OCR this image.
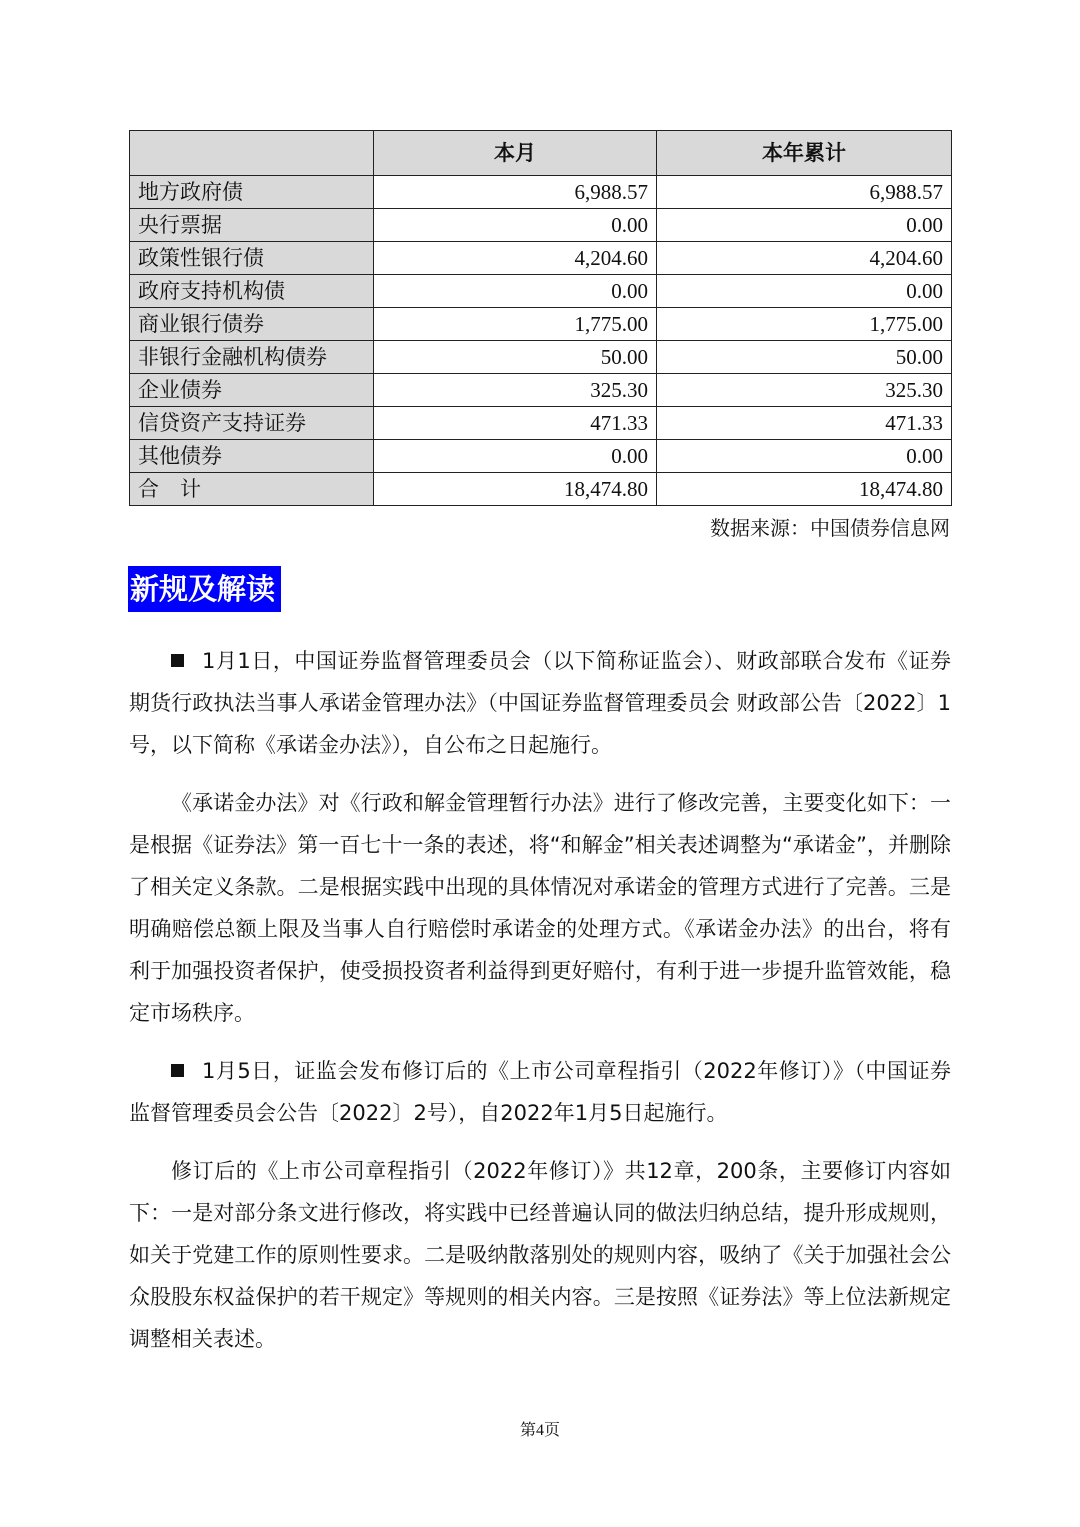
	本月	本年累计
地方政府债	6,988.57	6,988.57
央行票据	0.00	0.00
政策性银行债	4,204.60	4,204.60
政府支持机构债	0.00	0.00
商业银行债券	1,775.00	1,775.00
非银行金融机构债券	50.00	50.00
企业债券	325.30	325.30
信贷资产支持证券	471.33	471.33
其他债券	0.00	0.00
合　计	18,474.80	18,474.80
数据来源：中国债券信息网
新规及解读

1月1日，中国证券监督管理委员会（以下简称证监会）、财政部联合发布《证券期货行政执法当事人承诺金管理办法》（中国证券监督管理委员会 财政部公告〔2022〕1号，以下简称《承诺金办法》），自公布之日起施行。

《承诺金办法》对《行政和解金管理暂行办法》进行了修改完善，主要变化如下：一是根据《证券法》第一百七十一条的表述，将“和解金”相关表述调整为“承诺金”，并删除了相关定义条款。二是根据实践中出现的具体情况对承诺金的管理方式进行了完善。三是明确赔偿总额上限及当事人自行赔偿时承诺金的处理方式。《承诺金办法》的出台，将有利于加强投资者保护，使受损投资者利益得到更好赔付，有利于进一步提升监管效能，稳定市场秩序。

1月5日，证监会发布修订后的《上市公司章程指引（2022年修订）》（中国证券监督管理委员会公告〔2022〕2号），自2022年1月5日起施行。

修订后的《上市公司章程指引（2022年修订）》共12章，200条，主要修订内容如下：一是对部分条文进行修改，将实践中已经普遍认同的做法归纳总结，提升形成规则，如关于党建工作的原则性要求。二是吸纳散落别处的规则内容，吸纳了《关于加强社会公众股股东权益保护的若干规定》等规则的相关内容。三是按照《证券法》等上位法新规定调整相关表述。

第4页
